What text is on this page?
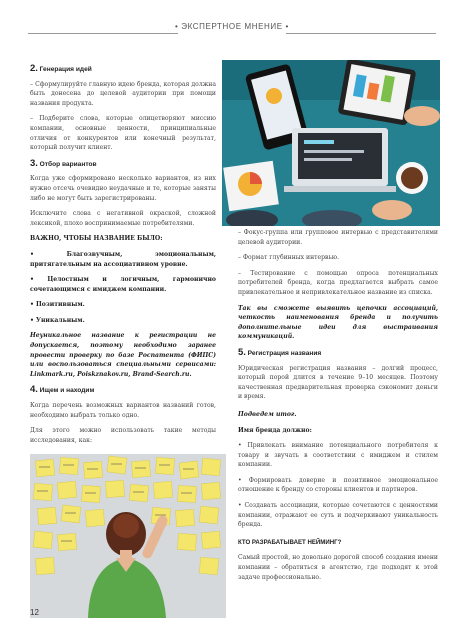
• ЭКСПЕРТНОЕ МНЕНИЕ •
2. Генерация идей

– Сформулируйте главную идею бренда, которая должна быть донесена до целевой аудитории при помощи названия продукта.

– Подберите слова, которые олицетворяют миссию компании, основные ценности, принципиальные отличия от конкурентов или конечный результат, который получит клиент.

3. Отбор вариантов

Когда уже сформировано несколько вариантов, из них нужно отсечь очевидно неудачные и те, которые заняты либо не могут быть зарегистрированы.

Исключите слова с негативной окраской, сложной лексикой, плохо воспринимаемые потребителями.

ВАЖНО, ЧТОБЫ НАЗВАНИЕ БЫЛО:

• Благозвучным, эмоциональным, притягательным на ассоциативном уровне.

• Целостным и логичным, гармонично сочетающимся с имиджем компании.

• Позитивным.

• Уникальным.

Неуникальное название к регистрации не допускается, поэтому необходимо заранее провести проверку по базе Роспатента (ФИПС) или воспользоваться специальными сервисами: Linkmark.ru, Poiskznakov.ru, Brand-Search.ru.

4. Ищем и находим

Когда перечень возможных вариантов названий готов, необходимо выбрать только одно.

Для этого можно использовать такие методы исследования, как:

– Фокус-группа или групповое интервью с представителями целевой аудитории.

– Формат глубинных интервью.

– Тестирование с помощью опроса потенциальных потребителей бренда, когда предлагается выбрать самое привлекательное и непривлекательное название из списка.

Так вы сможете выявить цепочки ассоциаций, четкость наименования бренда и получить дополнительные идеи для выстраивания коммуникаций.

5. Регистрация названия

Юридическая регистрация названия – долгий процесс, который порой длится в течение 9–10 месяцев. Поэтому качественная предварительная проверка сэкономит деньги и время.

Подведем итог.

Имя бренда должно:

• Привлекать внимание потенциального потребителя к товару и звучать в соответствии с имиджем и стилем компании.

• Формировать доверие и позитивное эмоциональное отношение к бренду со стороны клиентов и партнеров.

• Создавать ассоциации, которые сочетаются с ценностями компании, отражают ее суть и подчеркивают уникальность бренда.

КТО РАЗРАБАТЫВАЕТ НЕЙМИНГ?

Самый простой, но довольно дорогой способ создания имени компании – обратиться в агентство, где подходят к этой задаче профессионально.

12
